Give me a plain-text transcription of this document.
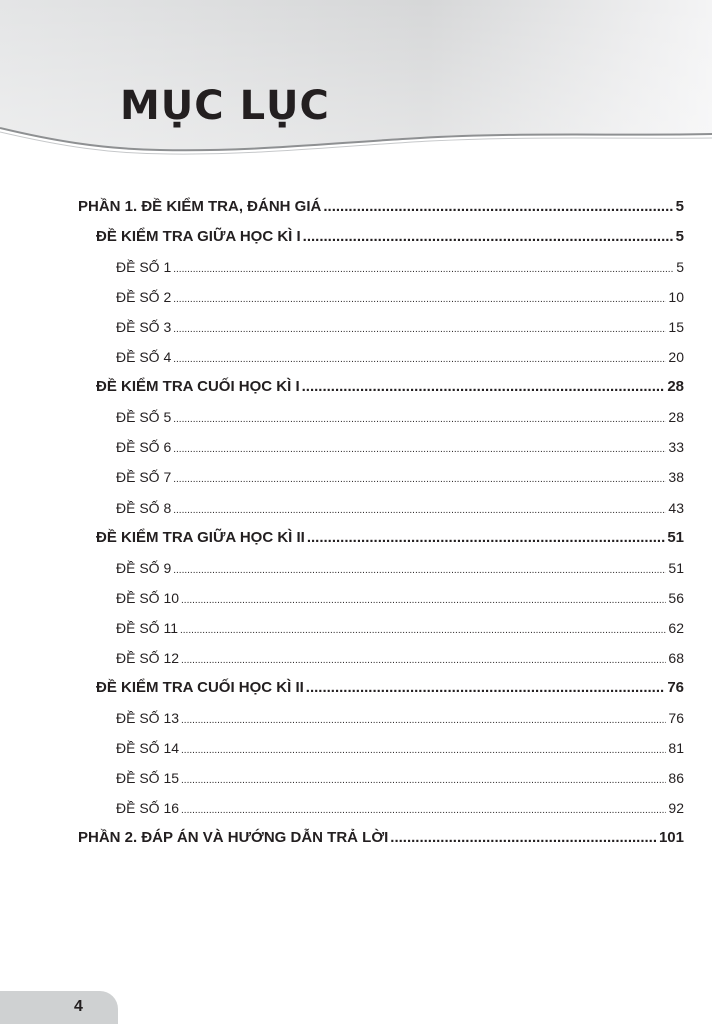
MỤC LỤC
PHẦN 1. ĐỀ KIỂM TRA, ĐÁNH GIÁ .....	5
ĐỀ KIỂM TRA GIỮA HỌC KÌ I .....	5
ĐỀ SỐ 1 .....	5
ĐỀ SỐ 2 .....	10
ĐỀ SỐ 3 .....	15
ĐỀ SỐ 4 .....	20
ĐỀ KIỂM TRA CUỐI HỌC KÌ I .....	28
ĐỀ SỐ 5 .....	28
ĐỀ SỐ 6 .....	33
ĐỀ SỐ 7 .....	38
ĐỀ SỐ 8 .....	43
ĐỀ KIỂM TRA GIỮA HỌC KÌ II .....	51
ĐỀ SỐ 9 .....	51
ĐỀ SỐ 10 .....	56
ĐỀ SỐ 11 .....	62
ĐỀ SỐ 12 .....	68
ĐỀ KIỂM TRA CUỐI HỌC KÌ II .....	76
ĐỀ SỐ 13 .....	76
ĐỀ SỐ 14 .....	81
ĐỀ SỐ 15 .....	86
ĐỀ SỐ 16 .....	92
PHẦN 2. ĐÁP ÁN VÀ HƯỚNG DẪN TRẢ LỜI .....	101
4
